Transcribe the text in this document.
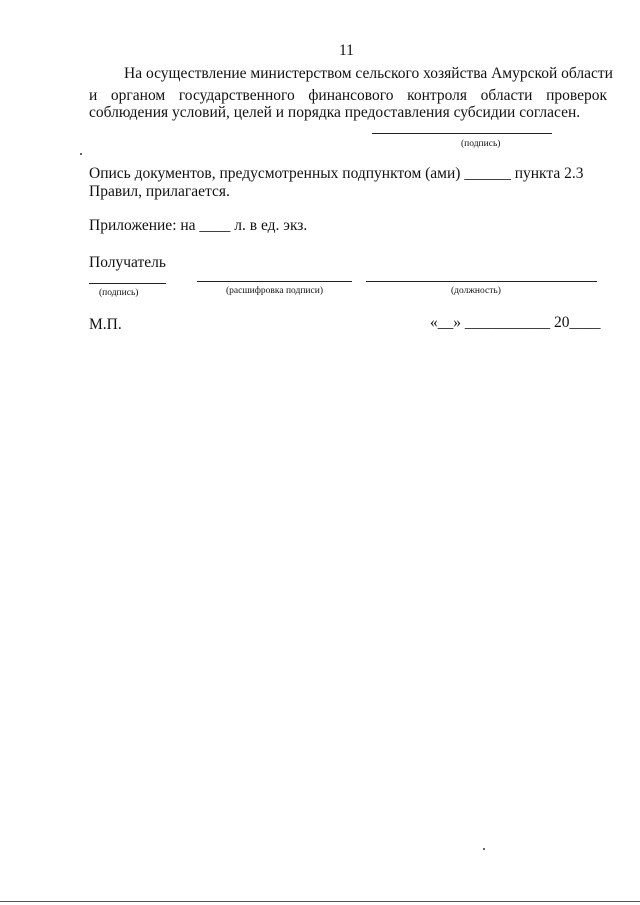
11
На осуществление министерством сельского хозяйства Амурской области
и органом государственного финансового контроля области проверок
соблюдения условий, целей и порядка предоставления субсидии согласен.
(подпись)
Опись документов, предусмотренных подпунктом (ами) ______ пункта 2.3
Правил, прилагается.
Приложение: на ____ л. в ед. экз.
Получатель
(подпись)	(расшифровка подписи)	(должность)
М.П.	«__» ___________ 20____
